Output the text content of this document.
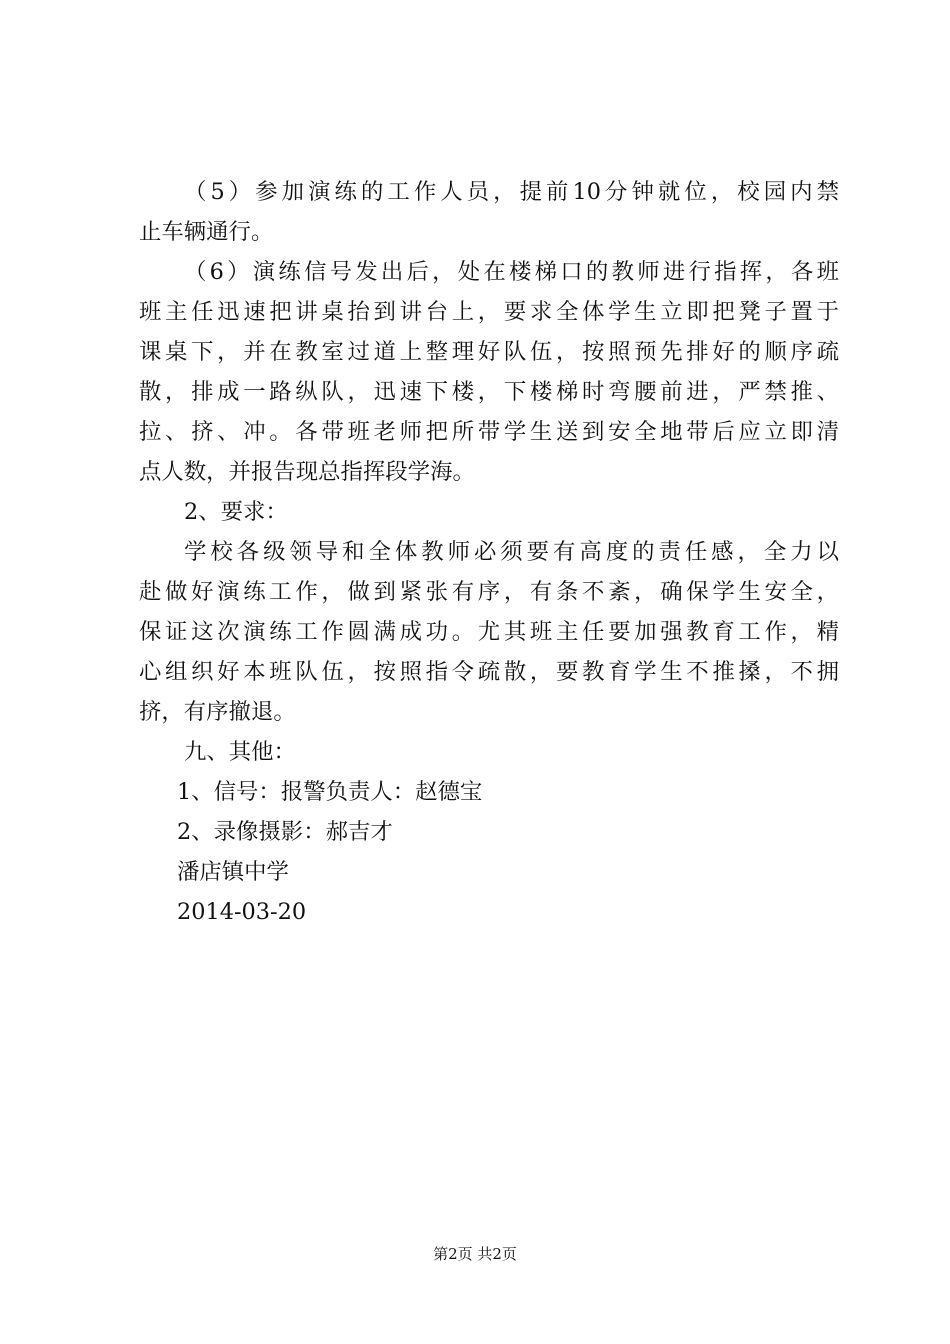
（5）参加演练的工作人员，提前10分钟就位，校园内禁
止车辆通行。
（6）演练信号发出后，处在楼梯口的教师进行指挥，各班
班主任迅速把讲桌抬到讲台上，要求全体学生立即把凳子置于
课桌下，并在教室过道上整理好队伍，按照预先排好的顺序疏
散，排成一路纵队，迅速下楼，下楼梯时弯腰前进，严禁推、
拉、挤、冲。各带班老师把所带学生送到安全地带后应立即清
点人数，并报告现总指挥段学海。
2、要求：
学校各级领导和全体教师必须要有高度的责任感，全力以
赴做好演练工作，做到紧张有序，有条不紊，确保学生安全，
保证这次演练工作圆满成功。尤其班主任要加强教育工作，精
心组织好本班队伍，按照指令疏散，要教育学生不推搡，不拥
挤，有序撤退。
九、其他：
1、信号：报警负责人：赵德宝
2、录像摄影：郝吉才
潘店镇中学
2014-03-20
第2页 共2页
